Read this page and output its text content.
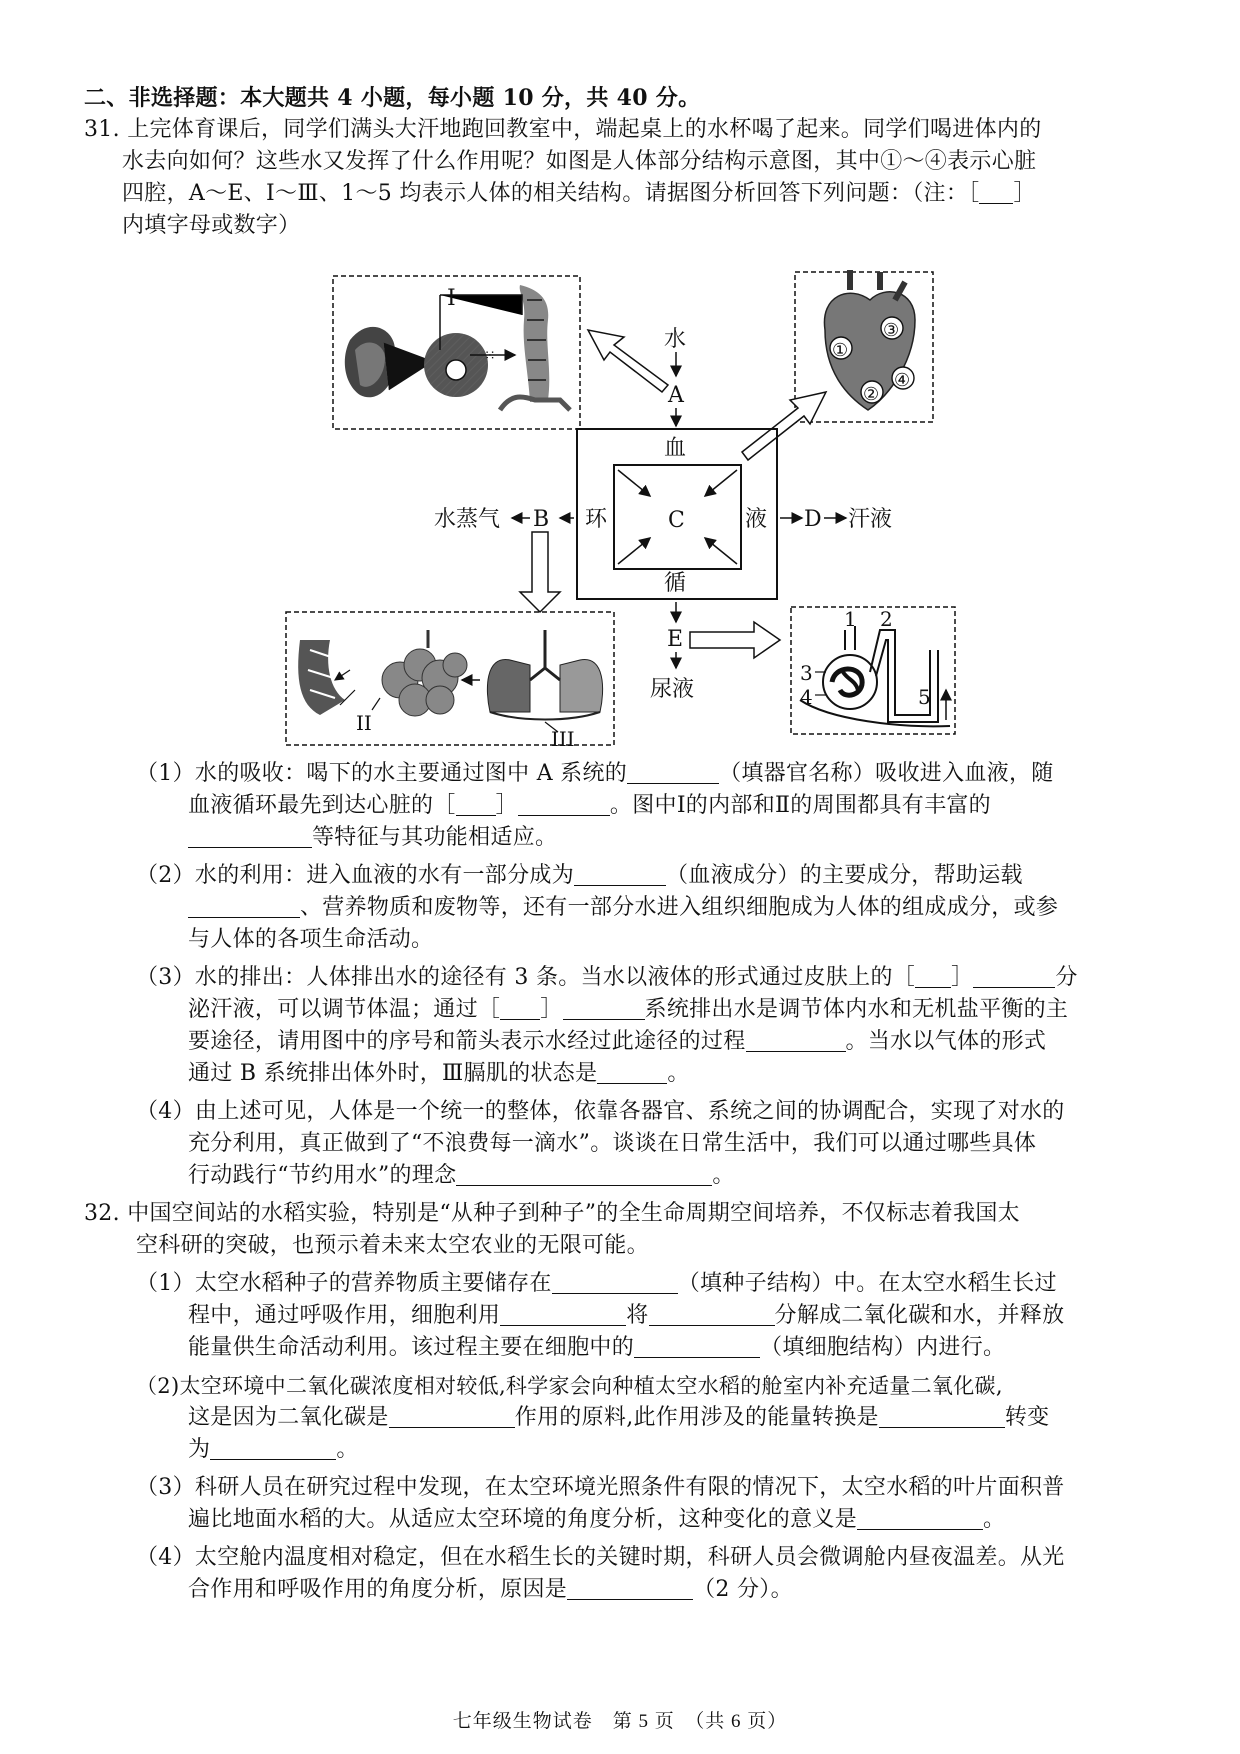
二、非选择题：本大题共 4 小题，每小题 10 分，共 40 分。
31. 上完体育课后，同学们满头大汗地跑回教室中，端起桌上的水杯喝了起来。同学们喝进体内的
水去向如何？这些水又发挥了什么作用呢？如图是人体部分结构示意图，其中①～④表示心脏
四腔，A～E、Ⅰ～Ⅲ、1～5 均表示人体的相关结构。请据图分析回答下列问题：（注：［ ］
内填字母或数字）
⁙
I
①
③
②
④
水
A
血
液
循
环	C
B
水蒸气	D 汗液
E
尿液
II
III
1 2
3
4	5
（1）水的吸收：喝下的水主要通过图中 A 系统的	（填器官名称）吸收进入血液，随
血液循环最先到达心脏的［ ］	。图中Ⅰ的内部和Ⅱ的周围都具有丰富的
等特征与其功能相适应。
（2）水的利用：进入血液的水有一部分成为	（血液成分）的主要成分，帮助运载
、营养物质和废物等，还有一部分水进入组织细胞成为人体的组成成分，或参
与人体的各项生命活动。
（3）水的排出：人体排出水的途径有 3 条。当水以液体的形式通过皮肤上的［ ］	分
泌汗液，可以调节体温；通过［ ］	系统排出水是调节体内水和无机盐平衡的主
要途径，请用图中的序号和箭头表示水经过此途径的过程	。当水以气体的形式
通过 B 系统排出体外时，Ⅲ膈肌的状态是	。
（4）由上述可见，人体是一个统一的整体，依靠各器官、系统之间的协调配合，实现了对水的
充分利用，真正做到了“不浪费每一滴水”。谈谈在日常生活中，我们可以通过哪些具体
行动践行“节约用水”的理念	。
32. 中国空间站的水稻实验，特别是“从种子到种子”的全生命周期空间培养，不仅标志着我国太
空科研的突破，也预示着未来太空农业的无限可能。
（1）太空水稻种子的营养物质主要储存在	（填种子结构）中。在太空水稻生长过
程中，通过呼吸作用，细胞利用	将	分解成二氧化碳和水，并释放
能量供生命活动利用。该过程主要在细胞中的	（填细胞结构）内进行。
（2)太空环境中二氧化碳浓度相对较低,科学家会向种植太空水稻的舱室内补充适量二氧化碳,
这是因为二氧化碳是	作用的原料,此作用涉及的能量转换是	转变
为	。
（3）科研人员在研究过程中发现，在太空环境光照条件有限的情况下，太空水稻的叶片面积普
遍比地面水稻的大。从适应太空环境的角度分析，这种变化的意义是	。
（4）太空舱内温度相对稳定，但在水稻生长的关键时期，科研人员会微调舱内昼夜温差。从光
合作用和呼吸作用的角度分析，原因是	（2 分）。
七年级生物试卷　第 5 页　（共 6 页）
